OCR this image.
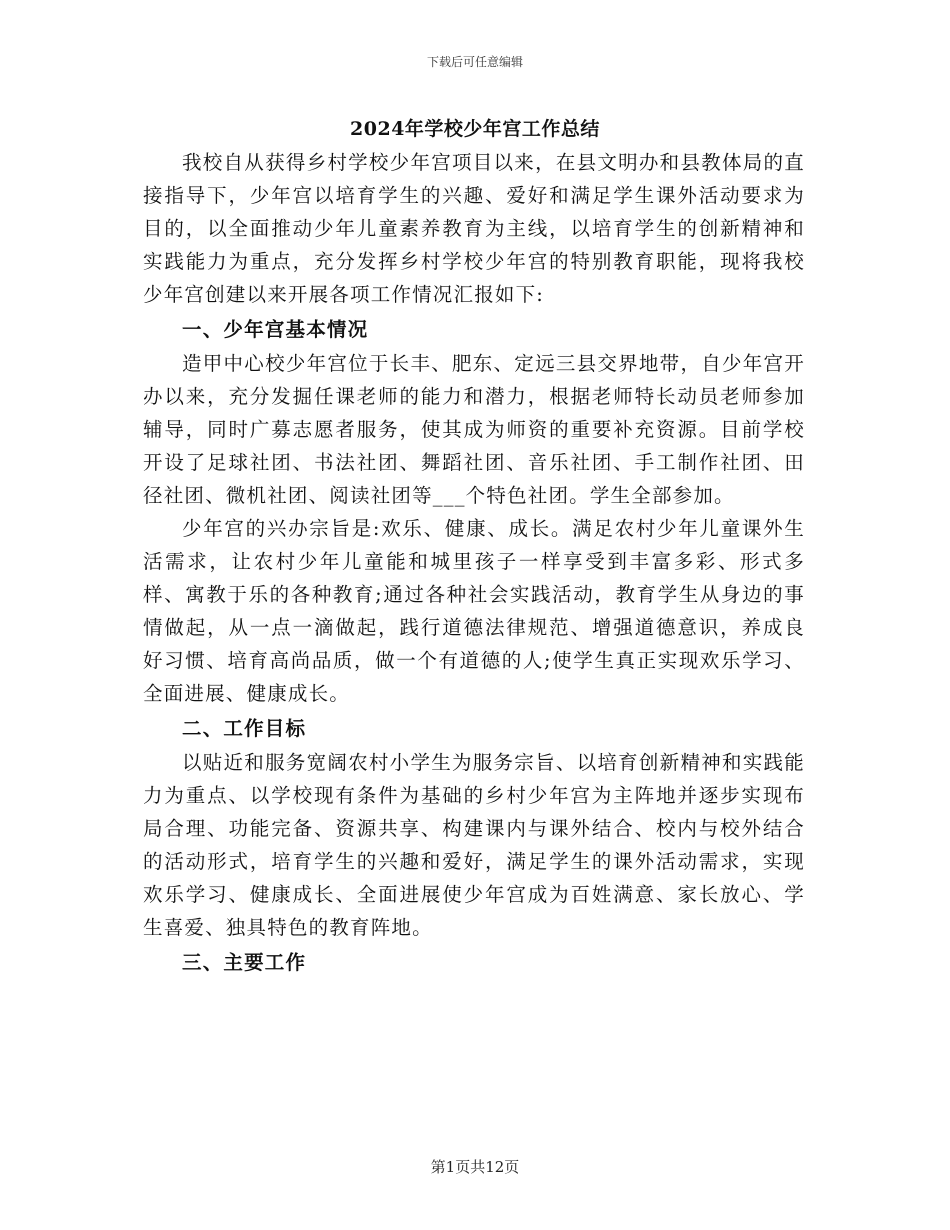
下载后可任意编辑
2024年学校少年宫工作总结

我校自从获得乡村学校少年宫项目以来，在县文明办和县教体局的直接指导下，少年宫以培育学生的兴趣、爱好和满足学生课外活动要求为目的，以全面推动少年儿童素养教育为主线，以培育学生的创新精神和实践能力为重点，充分发挥乡村学校少年宫的特别教育职能，现将我校少年宫创建以来开展各项工作情况汇报如下:

一、少年宫基本情况

造甲中心校少年宫位于长丰、肥东、定远三县交界地带，自少年宫开办以来，充分发掘任课老师的能力和潜力，根据老师特长动员老师参加辅导，同时广募志愿者服务，使其成为师资的重要补充资源。目前学校开设了足球社团、书法社团、舞蹈社团、音乐社团、手工制作社团、田径社团、微机社团、阅读社团等___个特色社团。学生全部参加。

少年宫的兴办宗旨是:欢乐、健康、成长。满足农村少年儿童课外生活需求，让农村少年儿童能和城里孩子一样享受到丰富多彩、形式多样、寓教于乐的各种教育;通过各种社会实践活动，教育学生从身边的事情做起，从一点一滴做起，践行道德法律规范、增强道德意识，养成良好习惯、培育高尚品质，做一个有道德的人;使学生真正实现欢乐学习、全面进展、健康成长。

二、工作目标

以贴近和服务宽阔农村小学生为服务宗旨、以培育创新精神和实践能力为重点、以学校现有条件为基础的乡村少年宫为主阵地并逐步实现布局合理、功能完备、资源共享、构建课内与课外结合、校内与校外结合的活动形式，培育学生的兴趣和爱好，满足学生的课外活动需求，实现欢乐学习、健康成长、全面进展使少年宫成为百姓满意、家长放心、学生喜爱、独具特色的教育阵地。

三、主要工作

第1页共12页
